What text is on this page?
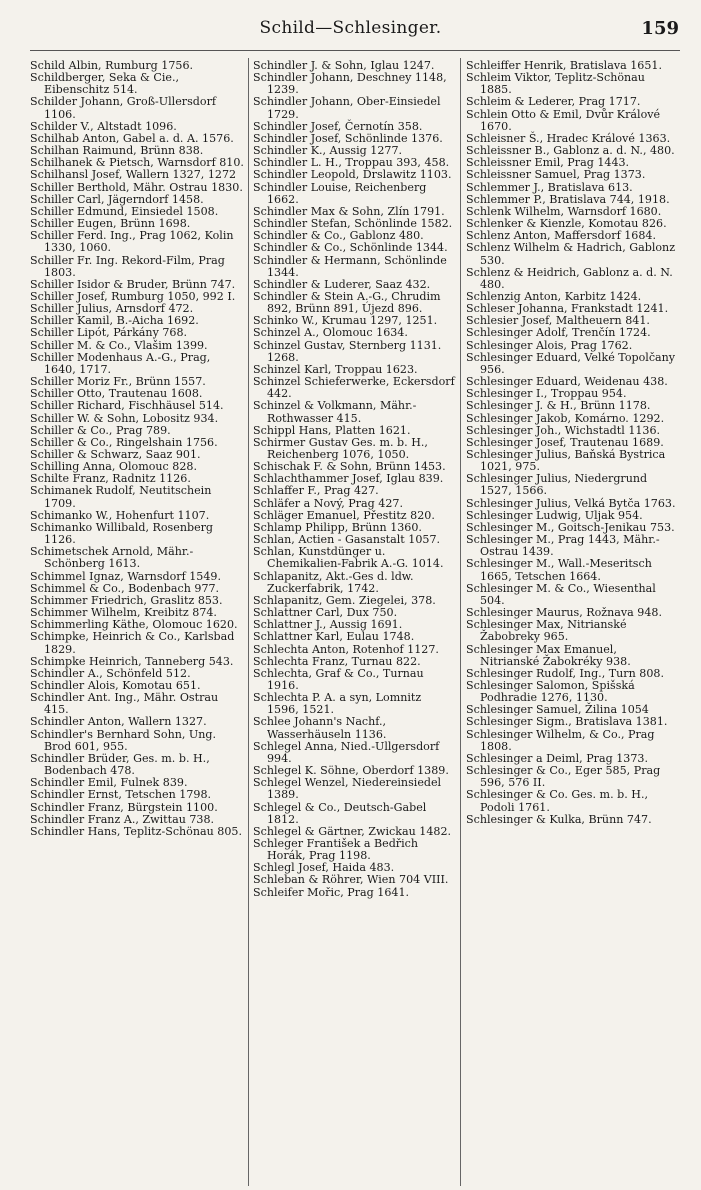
Schild—Schlesinger.	159

Schild Albin, Rumburg 1756.

Schildberger, Seka & Cie., Eibenschitz 514.

Schilder Johann, Groß-Ullersdorf 1106.

Schilder V., Altstadt 1096.

Schilhab Anton, Gabel a. d. A. 1576.

Schilhan Raimund, Brünn 838.

Schilhanek & Pietsch, Warnsdorf 810.

Schilhansl Josef, Wallern 1327, 1272

Schiller Berthold, Mähr. Ostrau 1830.

Schiller Carl, Jägerndorf 1458.

Schiller Edmund, Einsiedel 1508.

Schiller Eugen, Brünn 1698.

Schiller Ferd. Ing., Prag 1062, Kolin 1330, 1060.

Schiller Fr. Ing. Rekord-Film, Prag 1803.

Schiller Isidor & Bruder, Brünn 747.

Schiller Josef, Rumburg 1050, 992 I.

Schiller Julius, Arnsdorf 472.

Schiller Kamil, B.-Aicha 1692.

Schiller Lipót, Párkány 768.

Schiller M. & Co., Vlašim 1399.

Schiller Modenhaus A.-G., Prag, 1640, 1717.

Schiller Moriz Fr., Brünn 1557.

Schiller Otto, Trautenau 1608.

Schiller Richard, Fischhäusel 514.

Schiller W. & Sohn, Lobositz 934.

Schiller & Co., Prag 789.

Schiller & Co., Ringelshain 1756.

Schiller & Schwarz, Saaz 901.

Schilling Anna, Olomouc 828.

Schilte Franz, Radnitz 1126.

Schimanek Rudolf, Neutitschein 1709.

Schimanko W., Hohenfurt 1107.

Schimanko Willibald, Rosenberg 1126.

Schimetschek Arnold, Mähr.-Schönberg 1613.

Schimmel Ignaz, Warnsdorf 1549.

Schimmel & Co., Bodenbach 977.

Schimmer Friedrich, Graslitz 853.

Schimmer Wilhelm, Kreibitz 874.

Schimmerling Käthe, Olomouc 1620.

Schimpke, Heinrich & Co., Karlsbad 1829.

Schimpke Heinrich, Tanneberg 543.

Schindler A., Schönfeld 512.

Schindler Alois, Komotau 651.

Schindler Ant. Ing., Mähr. Ostrau 415.

Schindler Anton, Wallern 1327.

Schindler's Bernhard Sohn, Ung. Brod 601, 955.

Schindler Brüder, Ges. m. b. H., Bodenbach 478.

Schindler Emil, Fulnek 839.

Schindler Ernst, Tetschen 1798.

Schindler Franz, Bürgstein 1100.

Schindler Franz A., Zwittau 738.

Schindler Hans, Teplitz-Schönau 805.

Schindler J. & Sohn, Iglau 1247.

Schindler Johann, Deschney 1148, 1239.

Schindler Johann, Ober-Einsiedel 1729.

Schindler Josef, Černotín 358.

Schindler Josef, Schönlinde 1376.

Schindler K., Aussig 1277.

Schindler L. H., Troppau 393, 458.

Schindler Leopold, Drslawitz 1103.

Schindler Louise, Reichenberg 1662.

Schindler Max & Sohn, Zlín 1791.

Schindler Stefan, Schönlinde 1582.

Schindler & Co., Gablonz 480.

Schindler & Co., Schönlinde 1344.

Schindler & Hermann, Schönlinde 1344.

Schindler & Luderer, Saaz 432.

Schindler & Stein A.-G., Chrudim 892, Brünn 891, Újezd 896.

Schinko W., Krumau 1297, 1251.

Schinzel A., Olomouc 1634.

Schinzel Gustav, Sternberg 1131. 1268.

Schinzel Karl, Troppau 1623.

Schinzel Schieferwerke, Eckersdorf 442.

Schinzel & Volkmann, Mähr.-Rothwasser 415.

Schippl Hans, Platten 1621.

Schirmer Gustav Ges. m. b. H., Reichenberg 1076, 1050.

Schischak F. & Sohn, Brünn 1453.

Schlachthammer Josef, Iglau 839.

Schlaffer F., Prag 427.

Schläfer a Nový, Prag 427.

Schläger Emanuel, Přestitz 820.

Schlamp Philipp, Brünn 1360.

Schlan, Actien - Gasanstalt 1057.

Schlan, Kunstdünger u. Chemikalien-Fabrik A.-G. 1014.

Schlapanitz, Akt.-Ges d. ldw. Zuckerfabrik, 1742.

Schlapanitz, Gem. Ziegelei, 378.

Schlattner Carl, Dux 750.

Schlattner J., Aussig 1691.

Schlattner Karl, Eulau 1748.

Schlechta Anton, Rotenhof 1127.

Schlechta Franz, Turnau 822.

Schlechta, Graf & Co., Turnau 1916.

Schlechta P. A. a syn, Lomnitz 1596, 1521.

Schlee Johann's Nachf., Wasserhäuseln 1136.

Schlegel Anna, Nied.-Ullgersdorf 994.

Schlegel K. Söhne, Oberdorf 1389.

Schlegel Wenzel, Niedereinsiedel 1389.

Schlegel & Co., Deutsch-Gabel 1812.

Schlegel & Gärtner, Zwickau 1482.

Schleger František a Bedřich Horák, Prag 1198.

Schlegl Josef, Haida 483.

Schleban & Röhrer, Wien 704 VIII.

Schleifer Mořic, Prag 1641.

Schleiffer Henrik, Bratislava 1651.

Schleim Viktor, Teplitz-Schönau 1885.

Schleim & Lederer, Prag 1717.

Schlein Otto & Emil, Dvůr Králové 1670.

Schleisner Š., Hradec Králové 1363.

Schleissner B., Gablonz a. d. N., 480.

Schleissner Emil, Prag 1443.

Schleissner Samuel, Prag 1373.

Schlemmer J., Bratislava 613.

Schlemmer P., Bratislava 744, 1918.

Schlenk Wilhelm, Warnsdorf 1680.

Schlenker & Kienzle, Komotau 826.

Schlenz Anton, Maffersdorf 1684.

Schlenz Wilhelm & Hadrich, Gablonz 530.

Schlenz & Heidrich, Gablonz a. d. N. 480.

Schlenzig Anton, Karbitz 1424.

Schleser Johanna, Frankstadt 1241.

Schlesier Josef, Maltheuern 841.

Schlesinger Adolf, Trenčín 1724.

Schlesinger Alois, Prag 1762.

Schlesinger Eduard, Velké Topolčany 956.

Schlesinger Eduard, Weidenau 438.

Schlesinger I., Troppau 954.

Schlesinger J. & H., Brünn 1178.

Schlesinger Jakob, Komárno. 1292.

Schlesinger Joh., Wichstadtl 1136.

Schlesinger Josef, Trautenau 1689.

Schlesinger Julius, Baňská Bystrica 1021, 975.

Schlesinger Julius, Niedergrund 1527, 1566.

Schlesinger Julius, Velká Bytča 1763.

Schlesinger Ludwig, Uljak 954.

Schlesinger M., Goitsch-Jenikau 753.

Schlesinger M., Prag 1443, Mähr.-Ostrau 1439.

Schlesinger M., Wall.-Meseritsch 1665, Tetschen 1664.

Schlesinger M. & Co., Wiesenthal 504.

Schlesinger Maurus, Rožnava 948.

Schlesinger Max, Nitrianské Žabobreky 965.

Schlesinger Max Emanuel, Nitrianské Žabokréky 938.

Schlesinger Rudolf, Ing., Turn 808.

Schlesinger Salomon, Spišská Podhradie 1276, 1130.

Schlesinger Samuel, Žilina 1054

Schlesinger Sigm., Bratislava 1381.

Schlesinger Wilhelm, & Co., Prag 1808.

Schlesinger a Deiml, Prag 1373.

Schlesinger & Co., Eger 585, Prag 596, 576 II.

Schlesinger & Co. Ges. m. b. H., Podoli 1761.

Schlesinger & Kulka, Brünn 747.
